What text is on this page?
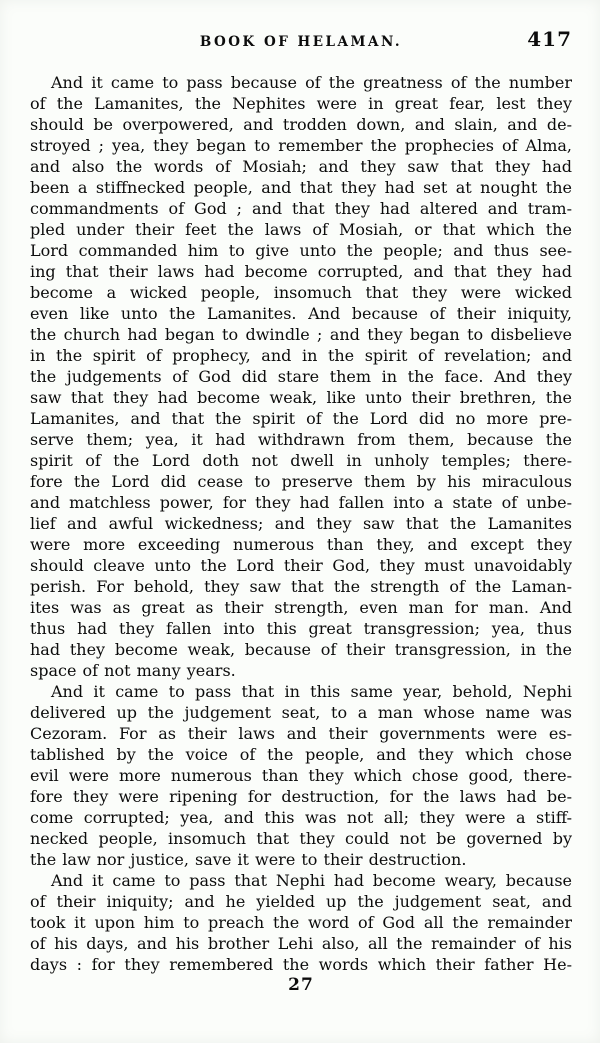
BOOK OF HELAMAN.	417
And it came to pass because of the greatness of the number
of the Lamanites, the Nephites were in great fear, lest they
should be overpowered, and trodden down, and slain, and de-
stroyed ; yea, they began to remember the prophecies of Alma,
and also the words of Mosiah; and they saw that they had
been a stiffnecked people, and that they had set at nought the
commandments of God ; and that they had altered and tram-
pled under their feet the laws of Mosiah, or that which the
Lord commanded him to give unto the people; and thus see-
ing that their laws had become corrupted, and that they had
become a wicked people, insomuch that they were wicked
even like unto the Lamanites. And because of their iniquity,
the church had began to dwindle ; and they began to disbelieve
in the spirit of prophecy, and in the spirit of revelation; and
the judgements of God did stare them in the face. And they
saw that they had become weak, like unto their brethren, the
Lamanites, and that the spirit of the Lord did no more pre-
serve them; yea, it had withdrawn from them, because the
spirit of the Lord doth not dwell in unholy temples; there-
fore the Lord did cease to preserve them by his miraculous
and matchless power, for they had fallen into a state of unbe-
lief and awful wickedness; and they saw that the Lamanites
were more exceeding numerous than they, and except they
should cleave unto the Lord their God, they must unavoidably
perish. For behold, they saw that the strength of the Laman-
ites was as great as their strength, even man for man. And
thus had they fallen into this great transgression; yea, thus
had they become weak, because of their transgression, in the
space of not many years.
And it came to pass that in this same year, behold, Nephi
delivered up the judgement seat, to a man whose name was
Cezoram. For as their laws and their governments were es-
tablished by the voice of the people, and they which chose
evil were more numerous than they which chose good, there-
fore they were ripening for destruction, for the laws had be-
come corrupted; yea, and this was not all; they were a stiff-
necked people, insomuch that they could not be governed by
the law nor justice, save it were to their destruction.
And it came to pass that Nephi had become weary, because
of their iniquity; and he yielded up the judgement seat, and
took it upon him to preach the word of God all the remainder
of his days, and his brother Lehi also, all the remainder of his
days : for they remembered the words which their father He-
27
